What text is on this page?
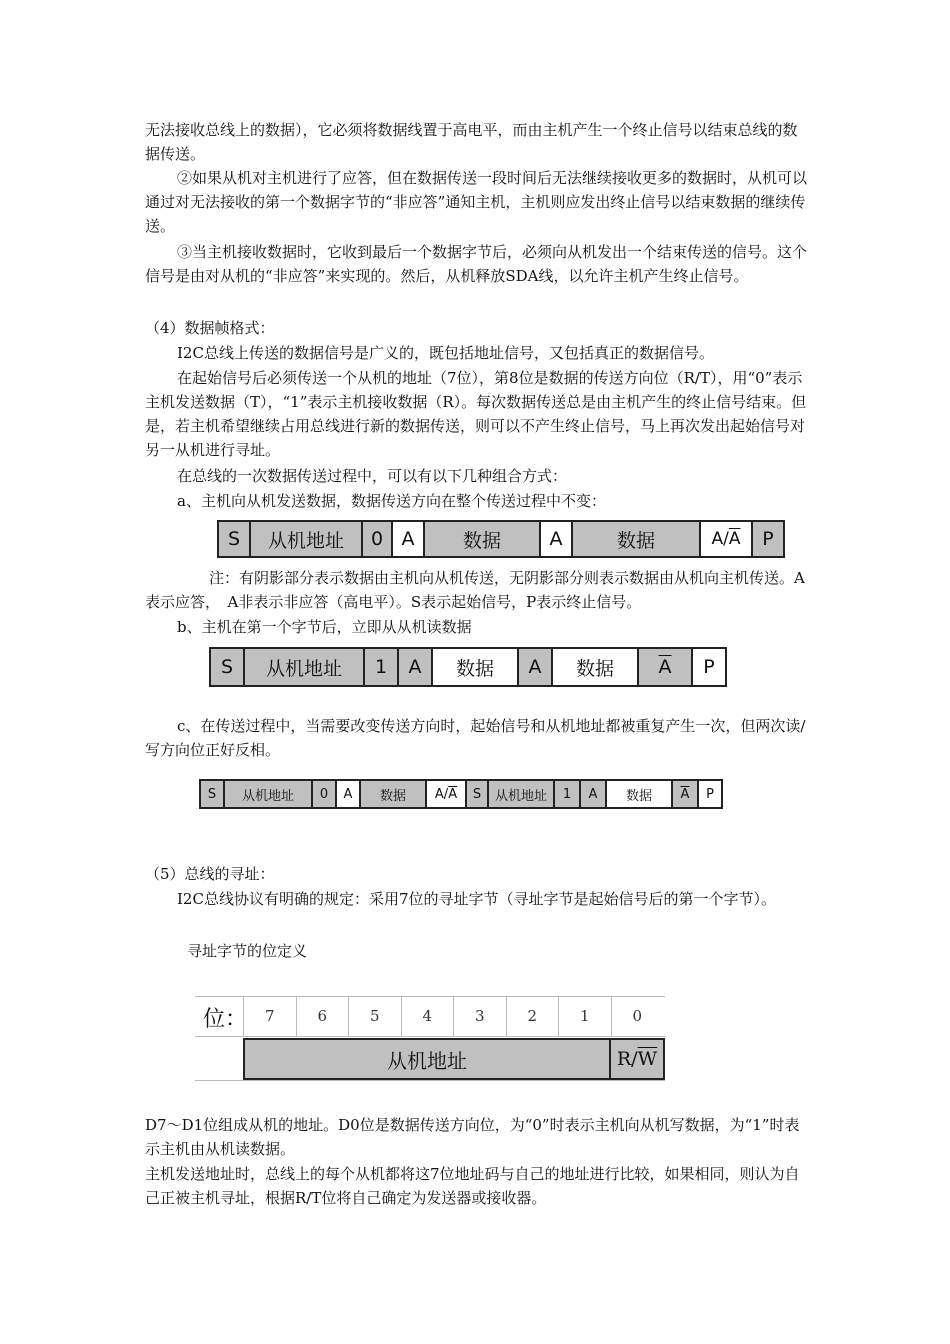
无法接收总线上的数据），它必须将数据线置于高电平，而由主机产生一个终止信号以结束总线的数据传送。

②如果从机对主机进行了应答，但在数据传送一段时间后无法继续接收更多的数据时，从机可以通过对无法接收的第一个数据字节的“非应答”通知主机，主机则应发出终止信号以结束数据的继续传送。

③当主机接收数据时，它收到最后一个数据字节后，必须向从机发出一个结束传送的信号。这个信号是由对从机的“非应答”来实现的。然后，从机释放SDA线，以允许主机产生终止信号。

（4）数据帧格式：

I2C总线上传送的数据信号是广义的，既包括地址信号，又包括真正的数据信号。

在起始信号后必须传送一个从机的地址（7位），第8位是数据的传送方向位（R/T），用“0”表示主机发送数据（T），“1”表示主机接收数据（R）。每次数据传送总是由主机产生的终止信号结束。但是，若主机希望继续占用总线进行新的数据传送，则可以不产生终止信号，马上再次发出起始信号对另一从机进行寻址。

在总线的一次数据传送过程中，可以有以下几种组合方式：

a、主机向从机发送数据，数据传送方向在整个传送过程中不变：

S	从机地址	0	A	数据	A	数据	$A/\overline{A}$	P

注：有阴影部分表示数据由主机向从机传送，无阴影部分则表示数据由从机向主机传送。A表示应答，　A非表示非应答（高电平）。S表示起始信号，P表示终止信号。

b、主机在第一个字节后，立即从从机读数据

S	从机地址	1	A	数据	A	数据	$\overline{A}$	P

c、在传送过程中，当需要改变传送方向时，起始信号和从机地址都被重复产生一次，但两次读/写方向位正好反相。

S	从机地址	0	A	数据	$A/\overline{A}$	S	从机地址	1	A	数据	$\overline{A}$	P

（5）总线的寻址：

I2C总线协议有明确的规定：采用7位的寻址字节（寻址字节是起始信号后的第一个字节）。

寻址字节的位定义

位：	7	6	5	4	3	2	1	0
从机地址	R/ $\overline{W}$

D7～D1位组成从机的地址。D0位是数据传送方向位，为“0”时表示主机向从机写数据，为“1”时表示主机由从机读数据。

主机发送地址时，总线上的每个从机都将这7位地址码与自己的地址进行比较，如果相同，则认为自己正被主机寻址，根据R/T位将自己确定为发送器或接收器。
